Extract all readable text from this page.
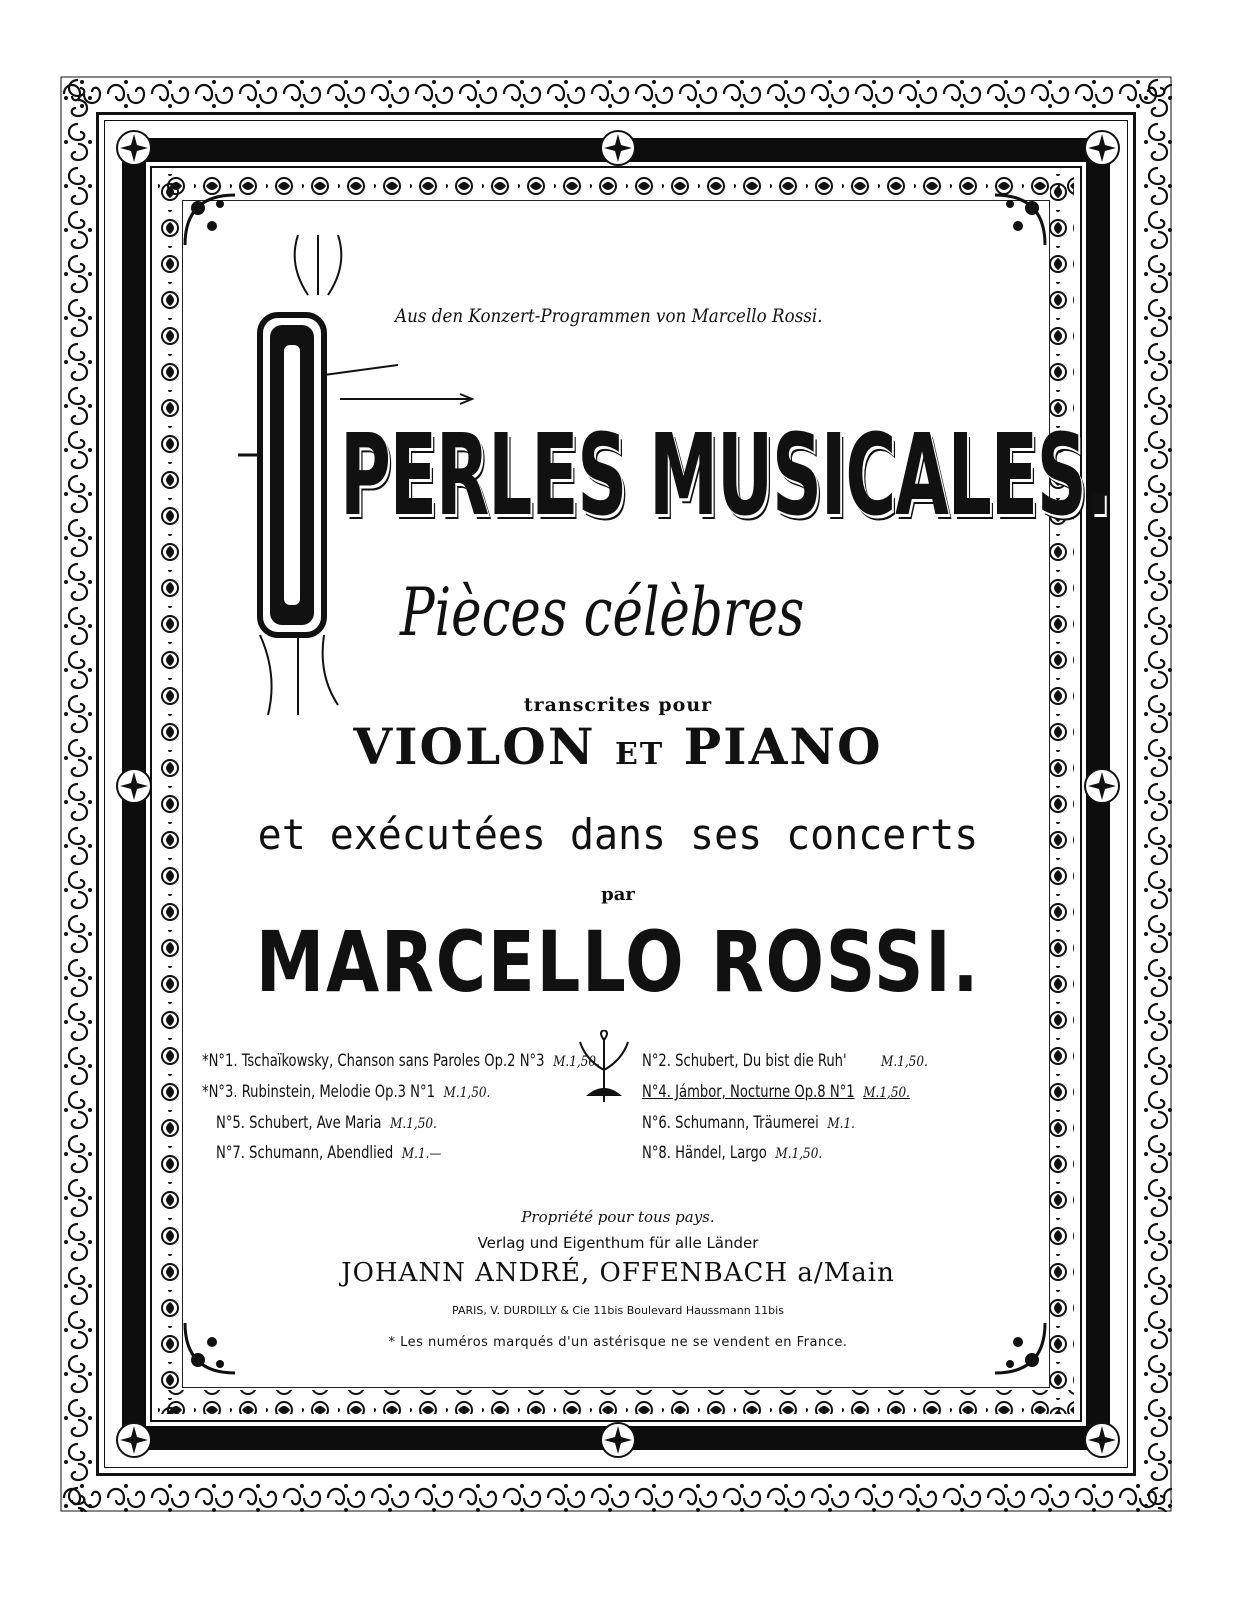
Aus den Konzert-Programmen von Marcello Rossi.
PERLES MUSICALES.
Pièces célèbres
transcrites pour
VIOLON ET PIANO
et exécutées dans ses concerts
par
MARCELLO ROSSI.
*N°1. Tschaïkowsky, Chanson sans Paroles Op.2 N°3 M.1,50. N°2. Schubert, Du bist die Ruh' M.1,50.
*N°3. Rubinstein, Melodie Op.3 N°1 M.1,50.	N°4. Jámbor, Nocturne Op.8 N°1 M.1,50.
N°5. Schubert, Ave Maria M.1,50.	N°6. Schumann, Träumerei M.1.
N°7. Schumann, Abendlied M.1.—	N°8. Händel, Largo M.1,50.
Propriété pour tous pays.
Verlag und Eigenthum für alle Länder
JOHANN ANDRÉ, OFFENBACH a/Main
PARIS, V. DURDILLY & Cie 11bis Boulevard Haussmann 11bis
* Les numéros marqués d'un astérisque ne se vendent en France.
